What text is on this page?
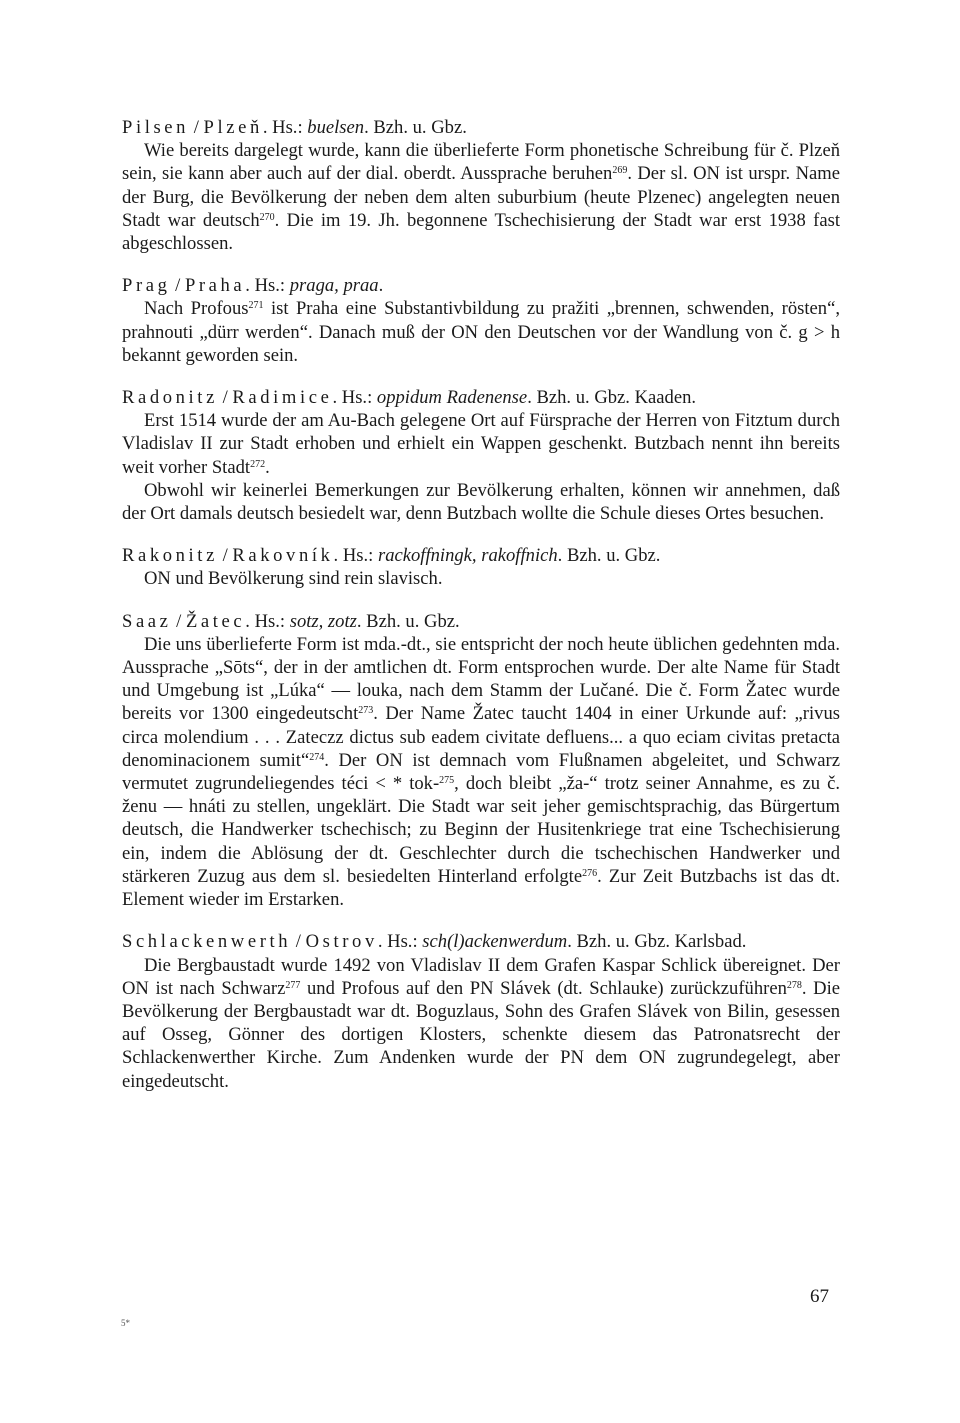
Pilsen / Plzeň. Hs.: buelsen. Bzh. u. Gbz.

Wie bereits dargelegt wurde, kann die überlieferte Form phonetische Schreibung für č. Plzeň sein, sie kann aber auch auf der dial. oberdt. Aussprache beruhen$^{269}$. Der sl. ON ist urspr. Name der Burg, die Bevölkerung der neben dem alten suburbium (heute Plzenec) angelegten neuen Stadt war deutsch$^{270}$. Die im 19. Jh. begonnene Tschechisierung der Stadt war erst 1938 fast abgeschlossen.

Prag / Praha. Hs.: praga, praa.

Nach Profous$^{271}$ ist Praha eine Substantivbildung zu pražiti „brennen, schwenden, rösten“, prahnouti „dürr werden“. Danach muß der ON den Deutschen vor der Wandlung von č. g > h bekannt geworden sein.

Radonitz / Radimice. Hs.: oppidum Radenense. Bzh. u. Gbz. Kaaden.

Erst 1514 wurde der am Au-Bach gelegene Ort auf Fürsprache der Herren von Fitztum durch Vladislav II zur Stadt erhoben und erhielt ein Wappen geschenkt. Butzbach nennt ihn bereits weit vorher Stadt$^{272}$.

Obwohl wir keinerlei Bemerkungen zur Bevölkerung erhalten, können wir annehmen, daß der Ort damals deutsch besiedelt war, denn Butzbach wollte die Schule dieses Ortes besuchen.

Rakonitz / Rakovník. Hs.: rackoffningk, rakoffnich. Bzh. u. Gbz.

ON und Bevölkerung sind rein slavisch.

Saaz / Žatec. Hs.: sotz, zotz. Bzh. u. Gbz.

Die uns überlieferte Form ist mda.-dt., sie entspricht der noch heute üblichen gedehnten mda. Aussprache „Sōts“, der in der amtlichen dt. Form entsprochen wurde. Der alte Name für Stadt und Umgebung ist „Lúka“ — louka, nach dem Stamm der Lučané. Die č. Form Žatec wurde bereits vor 1300 eingedeutscht$^{273}$. Der Name Žatec taucht 1404 in einer Urkunde auf: „rivus circa molendium . . . Zateczz dictus sub eadem civitate defluens... a quo eciam civitas pretacta denominacionem sumit“$^{274}$. Der ON ist demnach vom Flußnamen abgeleitet, und Schwarz vermutet zugrundeliegendes téci < * tok-$^{275}$, doch bleibt „ža-“ trotz seiner Annahme, es zu č. ženu — hnáti zu stellen, ungeklärt. Die Stadt war seit jeher gemischtsprachig, das Bürgertum deutsch, die Handwerker tschechisch; zu Beginn der Husitenkriege trat eine Tschechisierung ein, indem die Ablösung der dt. Geschlechter durch die tschechischen Handwerker und stärkeren Zuzug aus dem sl. besiedelten Hinterland erfolgte$^{276}$. Zur Zeit Butzbachs ist das dt. Element wieder im Erstarken.

Schlackenwerth / Ostrov. Hs.: sch(l)ackenwerdum. Bzh. u. Gbz. Karlsbad.

Die Bergbaustadt wurde 1492 von Vladislav II dem Grafen Kaspar Schlick übereignet. Der ON ist nach Schwarz$^{277}$ und Profous auf den PN Slávek (dt. Schlauke) zurückzuführen$^{278}$. Die Bevölkerung der Bergbaustadt war dt. Boguzlaus, Sohn des Grafen Slávek von Bilin, gesessen auf Osseg, Gönner des dortigen Klosters, schenkte diesem das Patronatsrecht der Schlackenwerther Kirche. Zum Andenken wurde der PN dem ON zugrundegelegt, aber eingedeutscht.

67
5*
